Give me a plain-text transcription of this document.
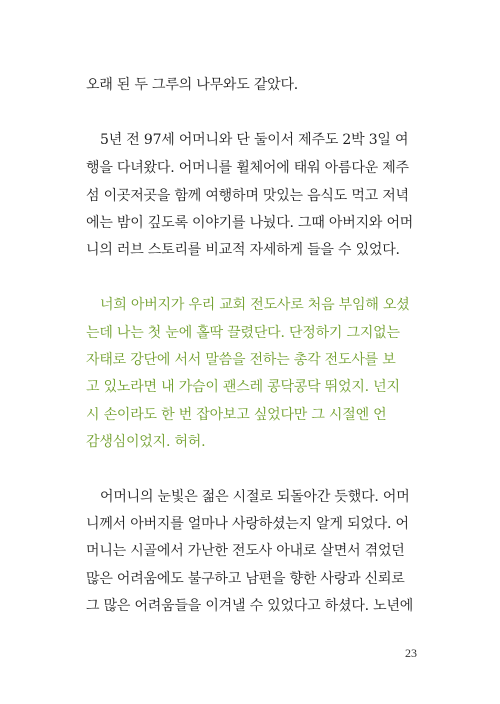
오래 된 두 그루의 나무와도 같았다.
5년 전 97세 어머니와 단 둘이서 제주도 2박 3일 여
행을 다녀왔다. 어머니를 휠체어에 태워 아름다운 제주
섬 이곳저곳을 함께 여행하며 맛있는 음식도 먹고 저녁
에는 밤이 깊도록 이야기를 나눴다. 그때 아버지와 어머
니의 러브 스토리를 비교적 자세하게 들을 수 있었다.
너희 아버지가 우리 교회 전도사로 처음 부임해 오셨
는데 나는 첫 눈에 홀딱 끌렸단다. 단정하기 그지없는
자태로 강단에 서서 말씀을 전하는 총각 전도사를 보
고 있노라면 내 가슴이 괜스레 콩닥콩닥 뛰었지. 넌지
시 손이라도 한 번 잡아보고 싶었다만 그 시절엔 언
감생심이었지. 허허.
어머니의 눈빛은 젊은 시절로 되돌아간 듯했다. 어머
니께서 아버지를 얼마나 사랑하셨는지 알게 되었다. 어
머니는 시골에서 가난한 전도사 아내로 살면서 겪었던
많은 어려움에도 불구하고 남편을 향한 사랑과 신뢰로
그 많은 어려움들을 이겨낼 수 있었다고 하셨다. 노년에
23
